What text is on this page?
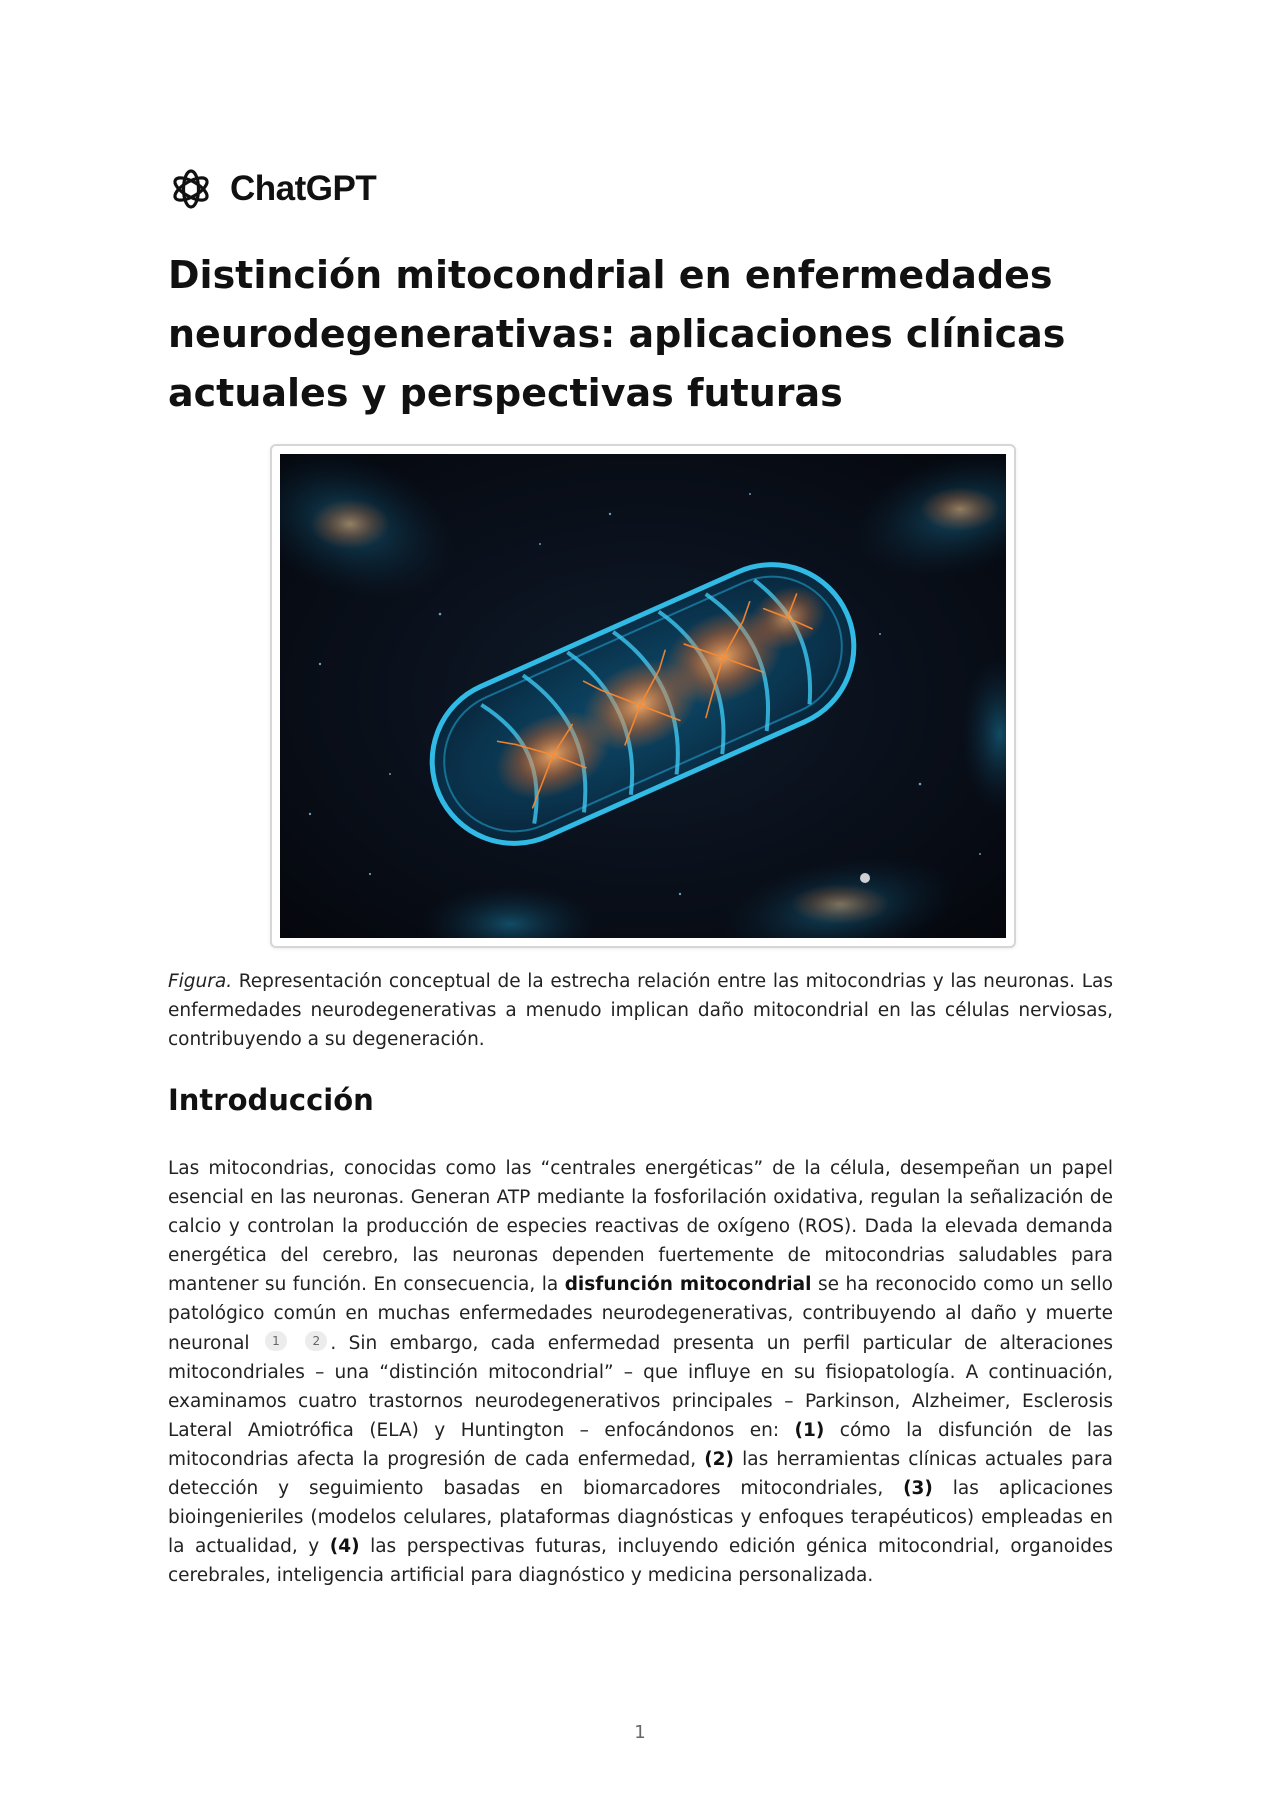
ChatGPT
Distinción mitocondrial en enfermedades neurodegenerativas: aplicaciones clínicas actuales y perspectivas futuras

Figura. Representación conceptual de la estrecha relación entre las mitocondrias y las neuronas. Las enfermedades neurodegenerativas a menudo implican daño mitocondrial en las células nerviosas, contribuyendo a su degeneración.

Introducción

Las mitocondrias, conocidas como las “centrales energéticas” de la célula, desempeñan un papel esencial en las neuronas. Generan ATP mediante la fosforilación oxidativa, regulan la señalización de calcio y controlan la producción de especies reactivas de oxígeno (ROS). Dada la elevada demanda energética del cerebro, las neuronas dependen fuertemente de mitocondrias saludables para mantener su función. En consecuencia, la disfunción mitocondrial se ha reconocido como un sello patológico común en muchas enfermedades neurodegenerativas, contribuyendo al daño y muerte neuronal 1	2 . Sin embargo, cada enfermedad presenta un perfil particular de alteraciones mitocondriales – una “distinción mitocondrial” – que influye en su fisiopatología. A continuación, examinamos cuatro trastornos neurodegenerativos principales – Parkinson, Alzheimer, Esclerosis Lateral Amiotrófica (ELA) y Huntington – enfocándonos en: (1) cómo la disfunción de las mitocondrias afecta la progresión de cada enfermedad, (2) las herramientas clínicas actuales para detección y seguimiento basadas en biomarcadores mitocondriales, (3) las aplicaciones bioingenieriles (modelos celulares, plataformas diagnósticas y enfoques terapéuticos) empleadas en la actualidad, y (4) las perspectivas futuras, incluyendo edición génica mitocondrial, organoides cerebrales, inteligencia artificial para diagnóstico y medicina personalizada.

1
